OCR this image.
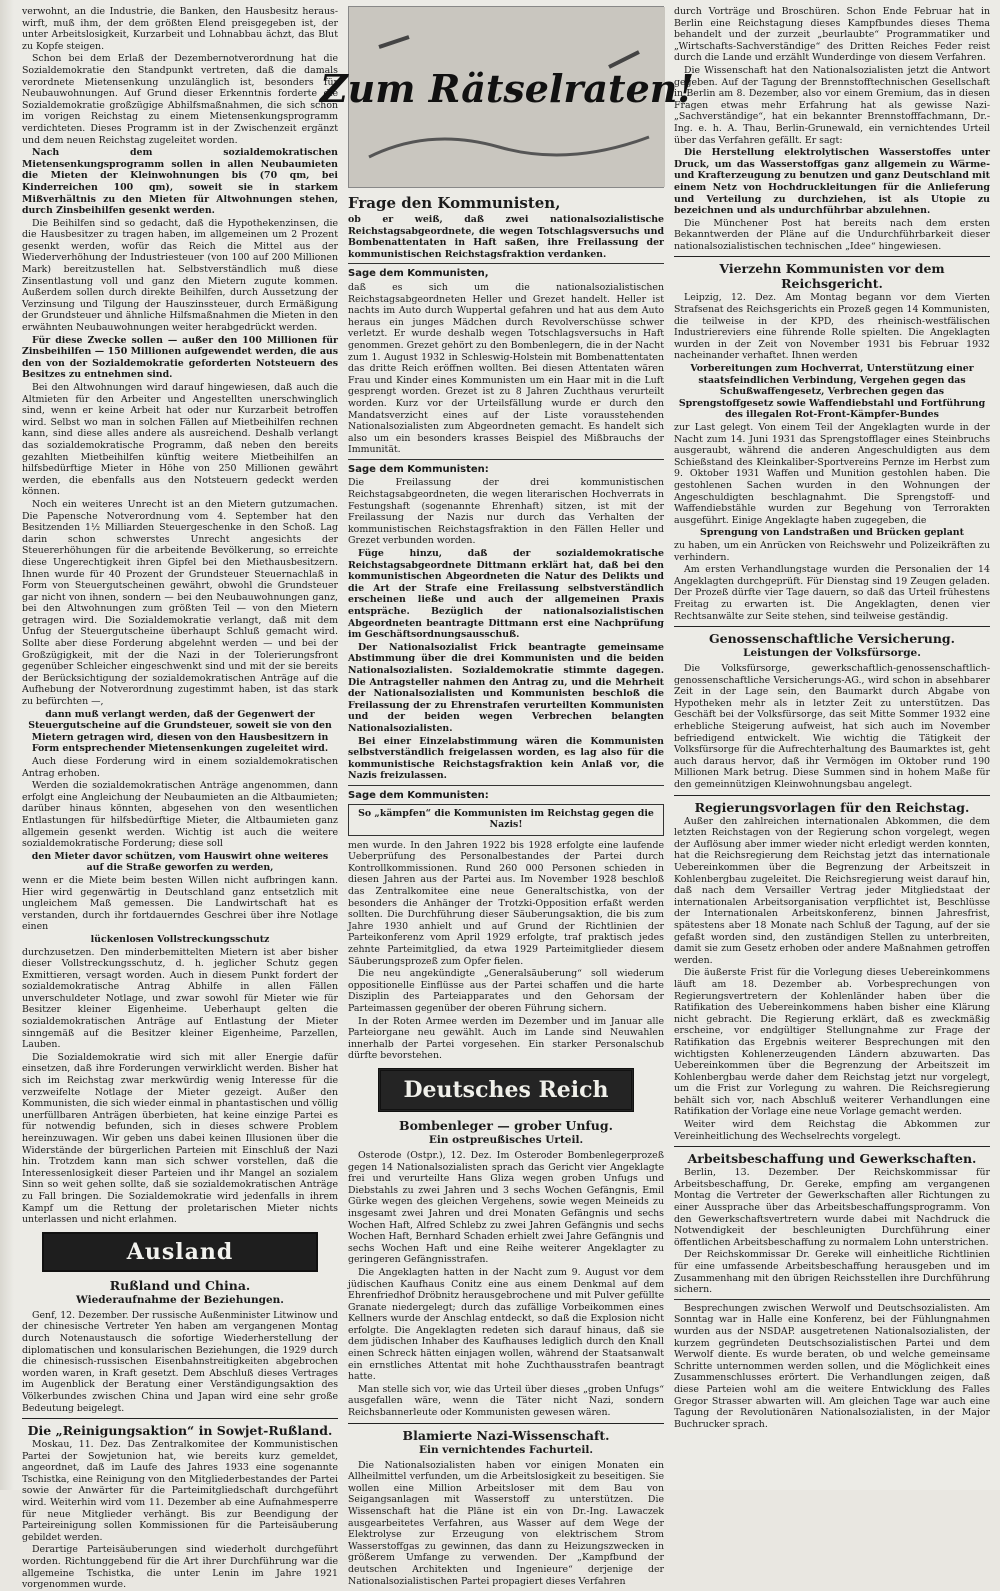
verwohnt, an die Industrie, die Banken, den Hausbesitz heraus-wirft, muß ihm, der dem größten Elend preisgegeben ist, der unter Arbeitslosigkeit, Kurzarbeit und Lohnabbau ächzt, das Blut zu Kopfe steigen.

Schon bei dem Erlaß der Dezembernotverordnung hat die Sozialdemokratie den Standpunkt vertreten, daß die damals verordnete Mietensenkung unzulänglich ist, besonders für Neubauwohnungen. Auf Grund dieser Erkenntnis forderte die Sozialdemokratie großzügige Abhilfsmaßnahmen, die sich schon im vorigen Reichstag zu einem Mietensenkungsprogramm verdichteten. Dieses Programm ist in der Zwischenzeit ergänzt und dem neuen Reichstag zugeleitet worden.

Nach dem sozialdemokratischen Mietensenkungsprogramm sollen in allen Neubaumieten die Mieten der Kleinwohnungen bis (70 qm, bei Kinderreichen 100 qm), soweit sie in starkem Mißverhältnis zu den Mieten für Altwohnungen stehen, durch Zinsbeihilfen gesenkt werden.

Die Beihilfen sind so gedacht, daß die Hypothekenzinsen, die die Hausbesitzer zu tragen haben, im allgemeinen um 2 Prozent gesenkt werden, wofür das Reich die Mittel aus der Wiederverhöhung der Industriesteuer (von 100 auf 200 Millionen Mark) bereitzustellen hat. Selbstverständlich muß diese Zinsentlastung voll und ganz den Mietern zugute kommen. Außerdem sollen durch direkte Beihilfen, durch Aussetzung der Verzinsung und Tilgung der Hauszinssteuer, durch Ermäßigung der Grundsteuer und ähnliche Hilfsmaßnahmen die Mieten in den erwähnten Neubauwohnungen weiter herabgedrückt werden.

Für diese Zwecke sollen — außer den 100 Millionen für Zinsbeihilfen — 150 Millionen aufgewendet werden, die aus den von der Sozialdemokratie geforderten Notsteuern des Besitzes zu entnehmen sind.

Bei den Altwohnungen wird darauf hingewiesen, daß auch die Altmieten für den Arbeiter und Angestellten unerschwinglich sind, wenn er keine Arbeit hat oder nur Kurzarbeit betroffen wird. Selbst wo man in solchen Fällen auf Mietbeihilfen rechnen kann, sind diese alles andere als ausreichend. Deshalb verlangt das sozialdemokratische Programm, daß neben den bereits gezahlten Mietbeihilfen künftig weitere Mietbeihilfen an hilfsbedürftige Mieter in Höhe von 250 Millionen gewährt werden, die ebenfalls aus den Notsteuern gedeckt werden können.

Noch ein weiteres Unrecht ist an den Mietern gutzumachen. Die Papensche Notverordnung vom 4. September hat den Besitzenden 1½ Milliarden Steuergeschenke in den Schoß. Lag darin schon schwerstes Unrecht angesichts der Steuererhöhungen für die arbeitende Bevölkerung, so erreichte diese Ungerechtigkeit ihren Gipfel bei den Miethausbesitzern. Ihnen wurde für 40 Prozent der Grundsteuer Steuernachlaß in Form von Steuergutscheinen gewährt, obwohl die Grundsteuer gar nicht von ihnen, sondern — bei den Neubauwohnungen ganz, bei den Altwohnungen zum größten Teil — von den Mietern getragen wird. Die Sozialdemokratie verlangt, daß mit dem Unfug der Steuergutscheine überhaupt Schluß gemacht wird. Sollte aber diese Forderung abgelehnt werden — und bei der Großzügigkeit, mit der die Nazi in der Tolerierungsfront gegenüber Schleicher eingeschwenkt sind und mit der sie bereits der Berücksichtigung der sozialdemokratischen Anträge auf die Aufhebung der Notverordnung zugestimmt haben, ist das stark zu befürchten —,

dann muß verlangt werden, daß der Gegenwert der Steuergutscheine auf die Grundsteuer, soweit sie von den Mietern getragen wird, diesen von den Hausbesitzern in Form entsprechender Mietensenkungen zugeleitet wird.

Auch diese Forderung wird in einem sozialdemokratischen Antrag erhoben.

Werden die sozialdemokratischen Anträge angenommen, dann erfolgt eine Angleichung der Neubaumieten an die Altbaumieten; darüber hinaus könnten, abgesehen von den wesentlichen Entlastungen für hilfsbedürftige Mieter, die Altbaumieten ganz allgemein gesenkt werden. Wichtig ist auch die weitere sozialdemokratische Forderung; diese soll

den Mieter davor schützen, vom Hauswirt ohne weiteres auf die Straße geworfen zu werden,

wenn er die Miete beim besten Willen nicht aufbringen kann. Hier wird gegenwärtig in Deutschland ganz entsetzlich mit ungleichem Maß gemessen. Die Landwirtschaft hat es verstanden, durch ihr fortdauerndes Geschrei über ihre Notlage einen

lückenlosen Vollstreckungsschutz

durchzusetzen. Den minderbemittelten Mietern ist aber bisher dieser Vollstreckungsschutz, d. h. jeglicher Schutz gegen Exmittieren, versagt worden. Auch in diesem Punkt fordert der sozialdemokratische Antrag Abhilfe in allen Fällen unverschuldeter Notlage, und zwar sowohl für Mieter wie für Besitzer kleiner Eigenheime. Ueberhaupt gelten die sozialdemokratischen Anträge auf Entlastung der Mieter sinngemäß auf die Besitzer kleiner Eigenheime, Parzellen, Lauben.

Die Sozialdemokratie wird sich mit aller Energie dafür einsetzen, daß ihre Forderungen verwirklicht werden. Bisher hat sich im Reichstag zwar merkwürdig wenig Interesse für die verzweifelte Notlage der Mieter gezeigt. Außer den Kommunisten, die sich wieder einmal in phantastischen und völlig unerfüllbaren Anträgen überbieten, hat keine einzige Partei es für notwendig befunden, sich in dieses schwere Problem hereinzuwagen. Wir geben uns dabei keinen Illusionen über die Widerstände der bürgerlichen Parteien mit Einschluß der Nazi hin. Trotzdem kann man sich schwer vorstellen, daß die Interessenlosigkeit dieser Parteien und ihr Mangel an sozialem Sinn so weit gehen sollte, daß sie sozialdemokratischen Anträge zu Fall bringen. Die Sozialdemokratie wird jedenfalls in ihrem Kampf um die Rettung der proletarischen Mieter nichts unterlassen und nicht erlahmen.

Ausland
Rußland und China.
Wiederaufnahme der Beziehungen.

Genf, 12. Dezember. Der russische Außenminister Litwinow und der chinesische Vertreter Yen haben am vergangenen Montag durch Notenaustausch die sofortige Wiederherstellung der diplomatischen und konsularischen Beziehungen, die 1929 durch die chinesisch-russischen Eisenbahnstreitigkeiten abgebrochen worden waren, in Kraft gesetzt. Dem Abschluß dieses Vertrages im Augenblick der Beratung einer Verständigungsaktion des Völkerbundes zwischen China und Japan wird eine sehr große Bedeutung beigelegt.

Die „Reinigungsaktion“ in Sowjet-Rußland.

Moskau, 11. Dez. Das Zentralkomitee der Kommunistischen Partei der Sowjetunion hat, wie bereits kurz gemeldet, angeordnet, daß im Laufe des Jahres 1933 eine sogenannte Tschistka, eine Reinigung von den Mitgliederbestandes der Partei sowie der Anwärter für die Parteimitgliedschaft durchgeführt wird. Weiterhin wird vom 11. Dezember ab eine Aufnahmesperre für neue Mitglieder verhängt. Bis zur Beendigung der Parteireinigung sollen Kommissionen für die Parteisäuberung gebildet werden.

Derartige Parteisäuberungen sind wiederholt durchgeführt worden. Richtunggebend für die Art ihrer Durchführung war die allgemeine Tschistka, die unter Lenin im Jahre 1921 vorgenommen wurde.

Zum Rätselraten!
Frage den Kommunisten,

ob er weiß, daß zwei nationalsozialistische Reichstagsabgeordnete, die wegen Totschlagsversuchs und Bombenattentaten in Haft saßen, ihre Freilassung der kommunistischen Reichstagsfraktion verdanken.

Sage dem Kommunisten,

daß es sich um die nationalsozialistischen Reichstagsabgeordneten Heller und Grezet handelt. Heller ist nachts im Auto durch Wuppertal gefahren und hat aus dem Auto heraus ein junges Mädchen durch Revolverschüsse schwer verletzt. Er wurde deshalb wegen Totschlagsversuchs in Haft genommen. Grezet gehört zu den Bombenlegern, die in der Nacht zum 1. August 1932 in Schleswig-Holstein mit Bombenattentaten das dritte Reich eröffnen wollten. Bei diesen Attentaten wären Frau und Kinder eines Kommunisten um ein Haar mit in die Luft gesprengt worden. Grezet ist zu 8 Jahren Zuchthaus verurteilt worden. Kurz vor der Urteilsfällung wurde er durch den Mandatsverzicht eines auf der Liste vorausstehenden Nationalsozialisten zum Abgeordneten gemacht. Es handelt sich also um ein besonders krasses Beispiel des Mißbrauchs der Immunität.

Sage dem Kommunisten:

Die Freilassung der drei kommunistischen Reichstagsabgeordneten, die wegen literarischen Hochverrats in Festungshaft (sogenannte Ehrenhaft) sitzen, ist mit der Freilassung der Nazis nur durch das Verhalten der kommunistischen Reichstagsfraktion in den Fällen Heller und Grezet verbunden worden.

Füge hinzu, daß der sozialdemokratische Reichstagsabgeordnete Dittmann erklärt hat, daß bei den kommunistischen Abgeordneten die Natur des Delikts und die Art der Strafe eine Freilassung selbstverständlich erscheinen ließe und auch der allgemeinen Praxis entspräche. Bezüglich der nationalsozialistischen Abgeordneten beantragte Dittmann erst eine Nachprüfung im Geschäftsordnungsausschuß.

Der Nationalsozialist Frick beantragte gemeinsame Abstimmung über die drei Kommunisten und die beiden Nationalsozialisten. Sozialdemokratie stimmte dagegen. Die Antragsteller nahmen den Antrag zu, und die Mehrheit der Nationalsozialisten und Kommunisten beschloß die Freilassung der zu Ehrenstrafen verurteilten Kommunisten und der beiden wegen Verbrechen belangten Nationalsozialisten.

Bei einer Einzelabstimmung wären die Kommunisten selbstverständlich freigelassen worden, es lag also für die kommunistische Reichstagsfraktion kein Anlaß vor, die Nazis freizulassen.

Sage dem Kommunisten:

So „kämpfen“ die Kommunisten im Reichstag gegen die Nazis!

men wurde. In den Jahren 1922 bis 1928 erfolgte eine laufende Ueberprüfung des Personalbestandes der Partei durch Kontrollkommissionen. Rund 260 000 Personen schieden in diesen Jahren aus der Partei aus. Im November 1928 beschloß das Zentralkomitee eine neue Generaltschistka, von der besonders die Anhänger der Trotzki-Opposition erfaßt werden sollten. Die Durchführung dieser Säuberungsaktion, die bis zum Jahre 1930 anhielt und auf Grund der Richtlinien der Parteikonferenz vom April 1929 erfolgte, traf praktisch jedes zehnte Parteimitglied, da etwa 1929 Parteimitglieder diesem Säuberungsprozeß zum Opfer fielen.

Die neu angekündigte „Generalsäuberung“ soll wiederum oppositionelle Einflüsse aus der Partei schaffen und die harte Disziplin des Parteiapparates und den Gehorsam der Parteimassen gegenüber der oberen Führung sichern.

In der Roten Armee werden im Dezember und im Januar alle Parteiorgane neu gewählt. Auch im Lande sind Neuwahlen innerhalb der Partei vorgesehen. Ein starker Personalschub dürfte bevorstehen.

Deutsches Reich
Bombenleger — grober Unfug.
Ein ostpreußisches Urteil.

Osterode (Ostpr.), 12. Dez. Im Osteroder Bombenlegerprozeß gegen 14 Nationalsozialisten sprach das Gericht vier Angeklagte frei und verurteilte Hans Gliza wegen groben Unfugs und Diebstahls zu zwei Jahren und 3 sechs Wochen Gefängnis, Emil Gürke wegen des gleichen Vergehens, sowie wegen Meineids zu insgesamt zwei Jahren und drei Monaten Gefängnis und sechs Wochen Haft, Alfred Schlebz zu zwei Jahren Gefängnis und sechs Wochen Haft, Bernhard Schaden erhielt zwei Jahre Gefängnis und sechs Wochen Haft und eine Reihe weiterer Angeklagter zu geringeren Gefängnisstrafen.

Die Angeklagten hatten in der Nacht zum 9. August vor dem jüdischen Kaufhaus Conitz eine aus einem Denkmal auf dem Ehrenfriedhof Dröbnitz herausgebrochene und mit Pulver gefüllte Granate niedergelegt; durch das zufällige Vorbeikommen eines Kellners wurde der Anschlag entdeckt, so daß die Explosion nicht erfolgte. Die Angeklagten redeten sich darauf hinaus, daß sie dem jüdischen Inhaber des Kaufhauses lediglich durch den Knall einen Schreck hätten einjagen wollen, während der Staatsanwalt ein ernstliches Attentat mit hohe Zuchthausstrafen beantragt hatte.

Man stelle sich vor, wie das Urteil über dieses „groben Unfugs“ ausgefallen wäre, wenn die Täter nicht Nazi, sondern Reichsbannerleute oder Kommunisten gewesen wären.

Blamierte Nazi-Wissenschaft.
Ein vernichtendes Fachurteil.

Die Nationalsozialisten haben vor einigen Monaten ein Allheilmittel verfunden, um die Arbeitslosigkeit zu beseitigen. Sie wollen eine Million Arbeitsloser mit dem Bau von Seigangsanlagen mit Wasserstoff zu unterstützen. Die Wissenschaft hat die Pläne ist ein von Dr.-Ing. Lawaczek ausgearbeitetes Verfahren, aus Wasser auf dem Wege der Elektrolyse zur Erzeugung von elektrischem Strom Wasserstoffgas zu gewinnen, das dann zu Heizungszwecken in größerem Umfange zu verwenden. Der „Kampfbund der deutschen Architekten und Ingenieure“ derjenige der Nationalsozialistischen Partei propagiert dieses Verfahren

durch Vorträge und Broschüren. Schon Ende Februar hat in Berlin eine Reichstagung dieses Kampfbundes dieses Thema behandelt und der zurzeit „beurlaubte“ Programmatiker und „Wirtschafts-Sachverständige“ des Dritten Reiches Feder reist durch die Lande und erzählt Wunderdinge von diesem Verfahren.

Die Wissenschaft hat den Nationalsozialisten jetzt die Antwort gegeben. Auf der Tagung der Brennstofftechnischen Gesellschaft in Berlin am 8. Dezember, also vor einem Gremium, das in diesen Fragen etwas mehr Erfahrung hat als gewisse Nazi-„Sachverständige“, hat ein bekannter Brennstofffachmann, Dr.-Ing. e. h. A. Thau, Berlin-Grunewald, ein vernichtendes Urteil über das Verfahren gefällt. Er sagt:

Die Herstellung elektrolytischen Wasserstoffes unter Druck, um das Wasserstoffgas ganz allgemein zu Wärme- und Krafterzeugung zu benutzen und ganz Deutschland mit einem Netz von Hochdruckleitungen für die Anlieferung und Verteilung zu durchziehen, ist als Utopie zu bezeichnen und als undurchführbar abzulehnen.

Die Münchener Post hat bereits nach dem ersten Bekanntwerden der Pläne auf die Undurchführbarkeit dieser nationalsozialistischen technischen „Idee“ hingewiesen.

Vierzehn Kommunisten vor dem Reichsgericht.

Leipzig, 12. Dez. Am Montag begann vor dem Vierten Strafsenat des Reichsgerichts ein Prozeß gegen 14 Kommunisten, die teilweise in der KPD, des rheinisch-westfälischen Industriereviers eine führende Rolle spielten. Die Angeklagten wurden in der Zeit von November 1931 bis Februar 1932 nacheinander verhaftet. Ihnen werden

Vorbereitungen zum Hochverrat, Unterstützung einer staatsfeindlichen Verbindung, Vergehen gegen das Schußwaffengesetz, Verbrechen gegen das Sprengstoffgesetz sowie Waffendiebstahl und Fortführung des illegalen Rot-Front-Kämpfer-Bundes

zur Last gelegt. Von einem Teil der Angeklagten wurde in der Nacht zum 14. Juni 1931 das Sprengstofflager eines Steinbruchs ausgeraubt, während die anderen Angeschuldigten aus dem Schießstand des Kleinkaliber-Sportvereins Pernze im Herbst zum 9. Oktober 1931 Waffen und Munition gestohlen haben. Die gestohlenen Sachen wurden in den Wohnungen der Angeschuldigten beschlagnahmt. Die Sprengstoff- und Waffendiebstähle wurden zur Begehung von Terrorakten ausgeführt. Einige Angeklagte haben zugegeben, die

Sprengung von Landstraßen und Brücken geplant

zu haben, um ein Anrücken von Reichswehr und Polizeikräften zu verhindern.

Am ersten Verhandlungstage wurden die Personalien der 14 Angeklagten durchgeprüft. Für Dienstag sind 19 Zeugen geladen. Der Prozeß dürfte vier Tage dauern, so daß das Urteil frühestens Freitag zu erwarten ist. Die Angeklagten, denen vier Rechtsanwälte zur Seite stehen, sind teilweise geständig.

Genossenschaftliche Versicherung.
Leistungen der Volksfürsorge.

Die Volksfürsorge, gewerkschaftlich-genossenschaftlich-genossenschaftliche Versicherungs-AG., wird schon in absehbarer Zeit in der Lage sein, den Baumarkt durch Abgabe von Hypotheken mehr als in letzter Zeit zu unterstützen. Das Geschäft bei der Volksfürsorge, das seit Mitte Sommer 1932 eine erhebliche Steigerung aufweist, hat sich auch im November befriedigend entwickelt. Wie wichtig die Tätigkeit der Volksfürsorge für die Aufrechterhaltung des Baumarktes ist, geht auch daraus hervor, daß ihr Vermögen im Oktober rund 190 Millionen Mark betrug. Diese Summen sind in hohem Maße für den gemeinnützigen Kleinwohnungsbau angelegt.

Regierungsvorlagen für den Reichstag.

Außer den zahlreichen internationalen Abkommen, die dem letzten Reichstagen von der Regierung schon vorgelegt, wegen der Auflösung aber immer wieder nicht erledigt werden konnten, hat die Reichsregierung dem Reichstag jetzt das internationale Uebereinkommen über die Begrenzung der Arbeitszeit in Kohlenbergbau zugeleitet. Die Reichsregierung weist darauf hin, daß nach dem Versailler Vertrag jeder Mitgliedstaat der internationalen Arbeitsorganisation verpflichtet ist, Beschlüsse der Internationalen Arbeitskonferenz, binnen Jahresfrist, spätestens aber 18 Monate nach Schluß der Tagung, auf der sie gefaßt worden sind, den zuständigen Stellen zu unterbreiten, damit sie zum Gesetz erhoben oder andere Maßnahmen getroffen werden.

Die äußerste Frist für die Vorlegung dieses Uebereinkommens läuft am 18. Dezember ab. Vorbesprechungen von Regierungsvertretern der Kohlenländer haben über die Ratifikation des Uebereinkommens haben bisher eine Klärung nicht gebracht. Die Regierung erklärt, daß es zweckmäßig erscheine, vor endgültiger Stellungnahme zur Frage der Ratifikation das Ergebnis weiterer Besprechungen mit den wichtigsten Kohlenerzeugenden Ländern abzuwarten. Das Uebereinkommen über die Begrenzung der Arbeitszeit im Kohlenbergbau werde daher dem Reichstag jetzt nur vorgelegt, um die Frist zur Vorlegung zu wahren. Die Reichsregierung behält sich vor, nach Abschluß weiterer Verhandlungen eine Ratifikation der Vorlage eine neue Vorlage gemacht werden.

Weiter wird dem Reichstag die Abkommen zur Vereinheitlichung des Wechselrechts vorgelegt.

Arbeitsbeschaffung und Gewerkschaften.

Berlin, 13. Dezember. Der Reichskommissar für Arbeitsbeschaffung, Dr. Gereke, empfing am vergangenen Montag die Vertreter der Gewerkschaften aller Richtungen zu einer Aussprache über das Arbeitsbeschaffungsprogramm. Von den Gewerkschaftsvertretern wurde dabei mit Nachdruck die Notwendigkeit der beschleunigten Durchführung einer öffentlichen Arbeitsbeschaffung zu normalem Lohn unterstrichen.

Der Reichskommissar Dr. Gereke will einheitliche Richtlinien für eine umfassende Arbeitsbeschaffung herausgeben und im Zusammenhang mit den übrigen Reichsstellen ihre Durchführung sichern.

Besprechungen zwischen Werwolf und Deutschsozialisten. Am Sonntag war in Halle eine Konferenz, bei der Fühlungnahmen wurden aus der NSDAP. ausgetretenen Nationalsozialisten, der kurzem gegründeten Deutschsozialistischen Partei und dem Werwolf diente. Es wurde beraten, ob und welche gemeinsame Schritte unternommen werden sollen, und die Möglichkeit eines Zusammenschlusses erörtert. Die Verhandlungen zeigen, daß diese Parteien wohl am die weitere Entwicklung des Falles Gregor Strasser abwarten will. Am gleichen Tage war auch eine Tagung der Revolutionären Nationalsozialisten, in der Major Buchrucker sprach.
